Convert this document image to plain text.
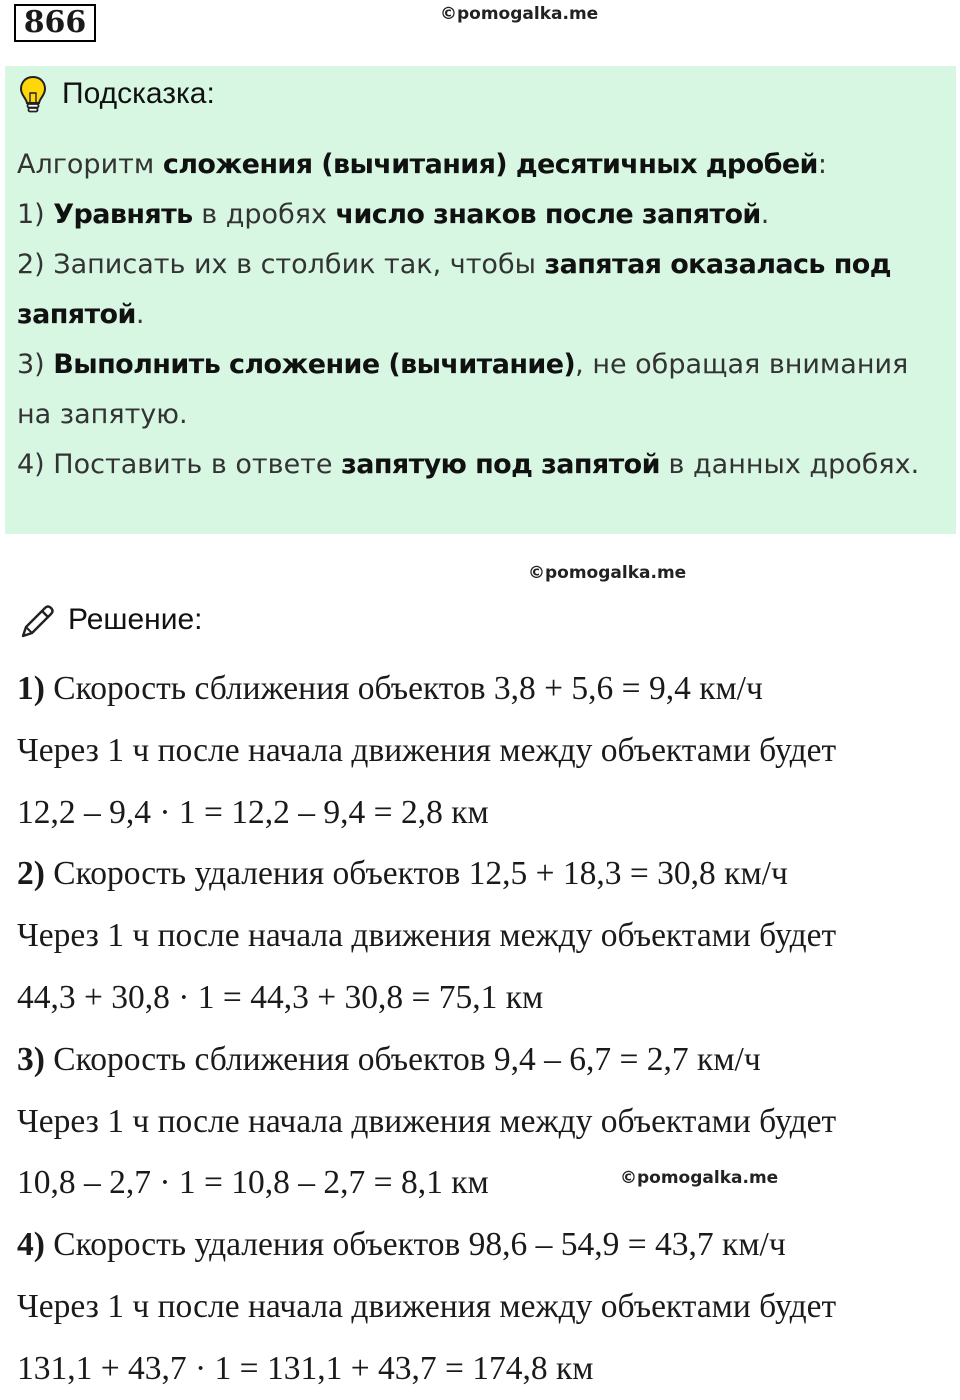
866	©pomogalka.me
Подсказка:

Алгоритм сложения (вычитания) десятичных дробей:

1) Уравнять в дробях число знаков после запятой.

2) Записать их в столбик так, чтобы запятая оказалась под

запятой.

3) Выполнить сложение (вычитание), не обращая внимания

на запятую.

4) Поставить в ответе запятую под запятой в данных дробях.

©pomogalka.me
Решение:

1) Скорость сближения объектов 3,8 + 5,6 = 9,4 км/ч

Через 1 ч после начала движения между объектами будет

12,2 – 9,4 · 1 = 12,2 – 9,4 = 2,8 км

2) Скорость удаления объектов 12,5 + 18,3 = 30,8 км/ч

Через 1 ч после начала движения между объектами будет

44,3 + 30,8 · 1 = 44,3 + 30,8 = 75,1 км

3) Скорость сближения объектов 9,4 – 6,7 = 2,7 км/ч

Через 1 ч после начала движения между объектами будет

10,8 – 2,7 · 1 = 10,8 – 2,7 = 8,1 км

4) Скорость удаления объектов 98,6 – 54,9 = 43,7 км/ч

Через 1 ч после начала движения между объектами будет

131,1 + 43,7 · 1 = 131,1 + 43,7 = 174,8 км

©pomogalka.me
